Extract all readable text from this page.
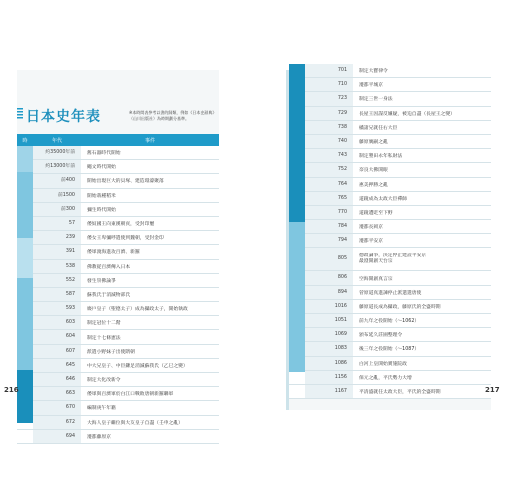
日本史年表	※本時間表參考以書的歸類，例如《日本史辭典》
（山川出版社）為時期劃分基準。
時	年代	事件
約35000年前	舊石器時代開始
約13000年前	繩文時代開始
前400	開始出現巨大的貝塚、建造環濠聚落
前1500	開始栽種稻米
前300	彌生時代開始
57	倭奴國王向東漢朝貢，受封印璽
239	倭女王卑彌呼遣使到魏朝，受封金印
391	倭軍渡海進攻百濟、新羅
538	佛教從百濟傳入日本
552	發生崇佛論爭
587	蘇我氏于消滅物部氏
593	廄戶皇子（聖德太子）成為攝政太子，開始執政
603	制定冠位十二階
604	制定十七條憲法
607	派遣小野妹子出使隋朝
645	中大兄皇子、中臣鎌足消滅蘇我氏（乙巳之變）
646	制定大化改新令
663	倭軍與百濟軍於白江口戰敗唐朝新羅聯軍
670	編制庚午年籍
672	大海人皇子繼位與大友皇子自盡（壬申之亂）
694	遷都藤原京
216
701	制定大寶律令
710	遷都平城京
723	制定三世一身法
729	長屋王因謀反嫌疑，被迫自盡（長屋王之變）
738	橘諸兄就任右大臣
740	藤原廣嗣之亂
743	制定墾田永年私財法
752	奈良大佛開眼
764	惠美押勝之亂
765	道鏡成為太政大臣禪師
770	道鏡遭貶至下野
784	遷都長岡京
794	遷都平安京
805
德政論爭，決定停止建設平安京
最澄開創天台宗
806	空海開創真言宗
894	菅原道真進諫停止派遣遣唐使
1016	藤原道長成為攝政，藤原氏的全盛時期
1051	前九年之役開始（～1062）
1069	頒布延久莊園整理令
1083	後三年之役開始（～1087）
1086	白河上皇開始實施院政
1156	保元之亂，平氏勢力大增
1167	平清盛就任太政大臣，平氏的全盛時期	217
